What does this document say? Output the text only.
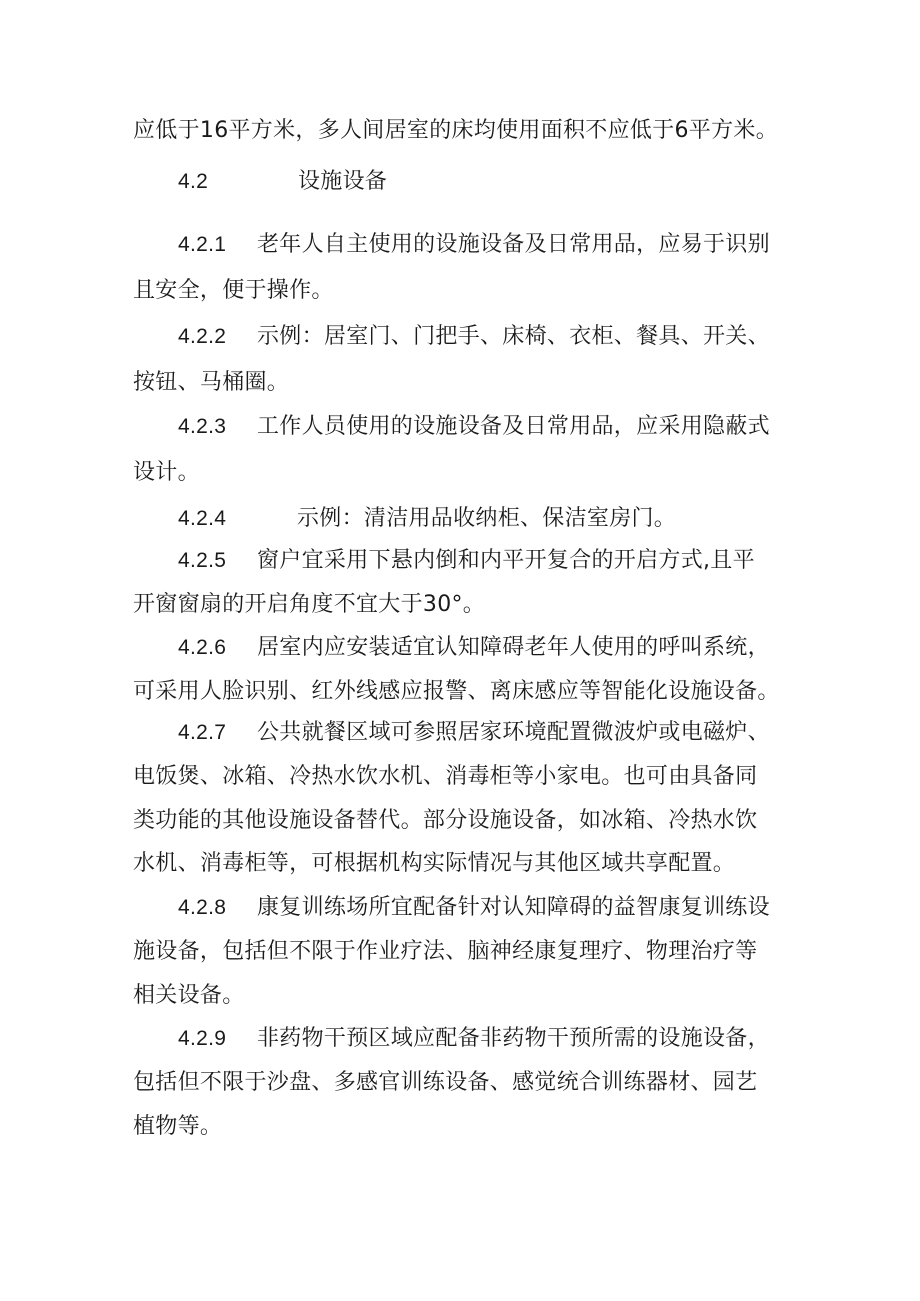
应低于16平方米，多人间居室的床均使用面积不应低于6平方米。
4.2	设施设备
4.2.1 老年人自主使用的设施设备及日常用品，应易于识别
且安全，便于操作。
4.2.2 示例：居室门、门把手、床椅、衣柜、餐具、开关、
按钮、马桶圈。
4.2.3 工作人员使用的设施设备及日常用品，应采用隐蔽式
设计。
4.2.4	示例：清洁用品收纳柜、保洁室房门。
4.2.5 窗户宜采用下悬内倒和内平开复合的开启方式,且平
开窗窗扇的开启角度不宜大于30°。
4.2.6 居室内应安装适宜认知障碍老年人使用的呼叫系统，
可采用人脸识别、红外线感应报警、离床感应等智能化设施设备。
4.2.7 公共就餐区域可参照居家环境配置微波炉或电磁炉、
电饭煲、冰箱、冷热水饮水机、消毒柜等小家电。也可由具备同
类功能的其他设施设备替代。部分设施设备，如冰箱、冷热水饮
水机、消毒柜等，可根据机构实际情况与其他区域共享配置。
4.2.8 康复训练场所宜配备针对认知障碍的益智康复训练设
施设备，包括但不限于作业疗法、脑神经康复理疗、物理治疗等
相关设备。
4.2.9 非药物干预区域应配备非药物干预所需的设施设备，
包括但不限于沙盘、多感官训练设备、感觉统合训练器材、园艺
植物等。
